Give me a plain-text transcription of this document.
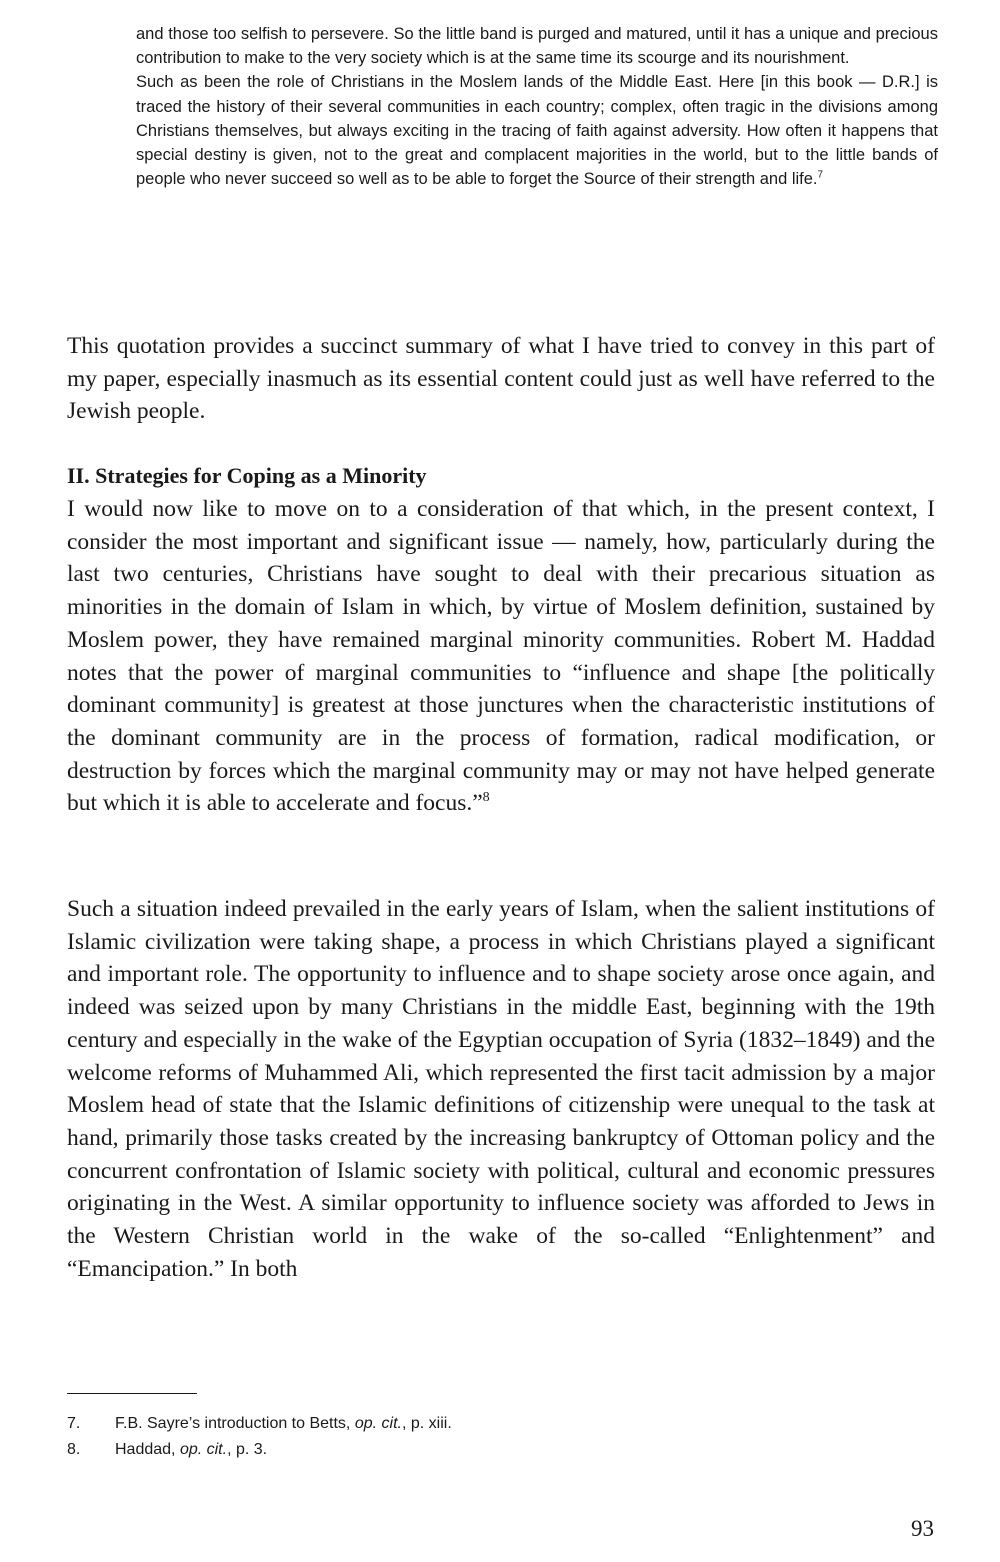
and those too selfish to persevere. So the little band is purged and matured, until it has a unique and precious contribution to make to the very society which is at the same time its scourge and its nourishment.

Such as been the role of Christians in the Moslem lands of the Middle East. Here [in this book — D.R.] is traced the history of their several communities in each country; complex, often tragic in the divisions among Christians themselves, but always exciting in the tracing of faith against adversity. How often it happens that special destiny is given, not to the great and complacent majorities in the world, but to the little bands of people who never succeed so well as to be able to forget the Source of their strength and life.$^7$

This quotation provides a succinct summary of what I have tried to convey in this part of my paper, especially inasmuch as its essential content could just as well have referred to the Jewish people.

II. Strategies for Coping as a Minority

I would now like to move on to a consideration of that which, in the present context, I consider the most important and significant issue — namely, how, particularly during the last two centuries, Christians have sought to deal with their precarious situation as minorities in the domain of Islam in which, by virtue of Moslem definition, sustained by Moslem power, they have remained marginal minority communities. Robert M. Haddad notes that the power of marginal communities to “influence and shape [the politically dominant community] is greatest at those junctures when the characteristic institutions of the dominant community are in the process of formation, radical modification, or destruction by forces which the marginal community may or may not have helped generate but which it is able to accelerate and focus.”$^8$

Such a situation indeed prevailed in the early years of Islam, when the salient institutions of Islamic civilization were taking shape, a process in which Christians played a significant and important role. The opportunity to influence and to shape society arose once again, and indeed was seized upon by many Christians in the middle East, beginning with the 19th century and especially in the wake of the Egyptian occupation of Syria (1832–1849) and the welcome reforms of Muhammed Ali, which represented the first tacit admission by a major Moslem head of state that the Islamic definitions of citizenship were unequal to the task at hand, primarily those tasks created by the increasing bankruptcy of Ottoman policy and the concurrent confrontation of Islamic society with political, cultural and economic pressures originating in the West. A similar opportunity to influence society was afforded to Jews in the Western Christian world in the wake of the so-called “Enlightenment” and “Emancipation.” In both

7.	F.B. Sayre’s introduction to Betts, op. cit., p. xiii.
8.	Haddad, op. cit., p. 3.
93
